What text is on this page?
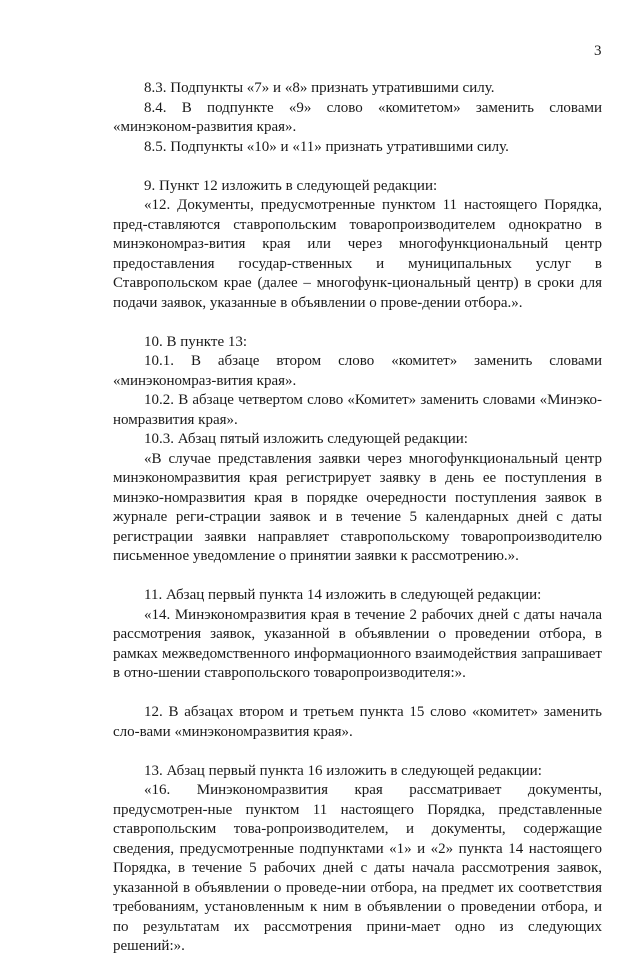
3

8.3. Подпункты «7» и «8» признать утратившими силу.

8.4. В подпункте «9» слово «комитетом» заменить словами «минэконом-развития края».

8.5. Подпункты «10» и «11» признать утратившими силу.

9. Пункт 12 изложить в следующей редакции:

«12. Документы, предусмотренные пунктом 11 настоящего Порядка, пред-ставляются ставропольским товаропроизводителем однократно в минэкономраз-вития края или через многофункциональный центр предоставления государ-ственных и муниципальных услуг в Ставропольском крае (далее – многофунк-циональный центр) в сроки для подачи заявок, указанные в объявлении о прове-дении отбора.».

10. В пункте 13:

10.1. В абзаце втором слово «комитет» заменить словами «минэкономраз-вития края».

10.2. В абзаце четвертом слово «Комитет» заменить словами «Минэко-номразвития края».

10.3. Абзац пятый изложить следующей редакции:

«В случае представления заявки через многофункциональный центр минэкономразвития края регистрирует заявку в день ее поступления в минэко-номразвития края в порядке очередности поступления заявок в журнале реги-страции заявок и в течение 5 календарных дней с даты регистрации заявки направляет ставропольскому товаропроизводителю письменное уведомление о принятии заявки к рассмотрению.».

11. Абзац первый пункта 14 изложить в следующей редакции:

«14. Минэкономразвития края в течение 2 рабочих дней с даты начала рассмотрения заявок, указанной в объявлении о проведении отбора, в рамках межведомственного информационного взаимодействия запрашивает в отно-шении ставропольского товаропроизводителя:».

12. В абзацах втором и третьем пункта 15 слово «комитет» заменить сло-вами «минэкономразвития края».

13. Абзац первый пункта 16 изложить в следующей редакции:

«16. Минэкономразвития края рассматривает документы, предусмотрен-ные пунктом 11 настоящего Порядка, представленные ставропольским това-ропроизводителем, и документы, содержащие сведения, предусмотренные подпунктами «1» и «2» пункта 14 настоящего Порядка, в течение 5 рабочих дней с даты начала рассмотрения заявок, указанной в объявлении о проведе-нии отбора, на предмет их соответствия требованиям, установленным к ним в объявлении о проведении отбора, и по результатам их рассмотрения прини-мает одно из следующих решений:».
